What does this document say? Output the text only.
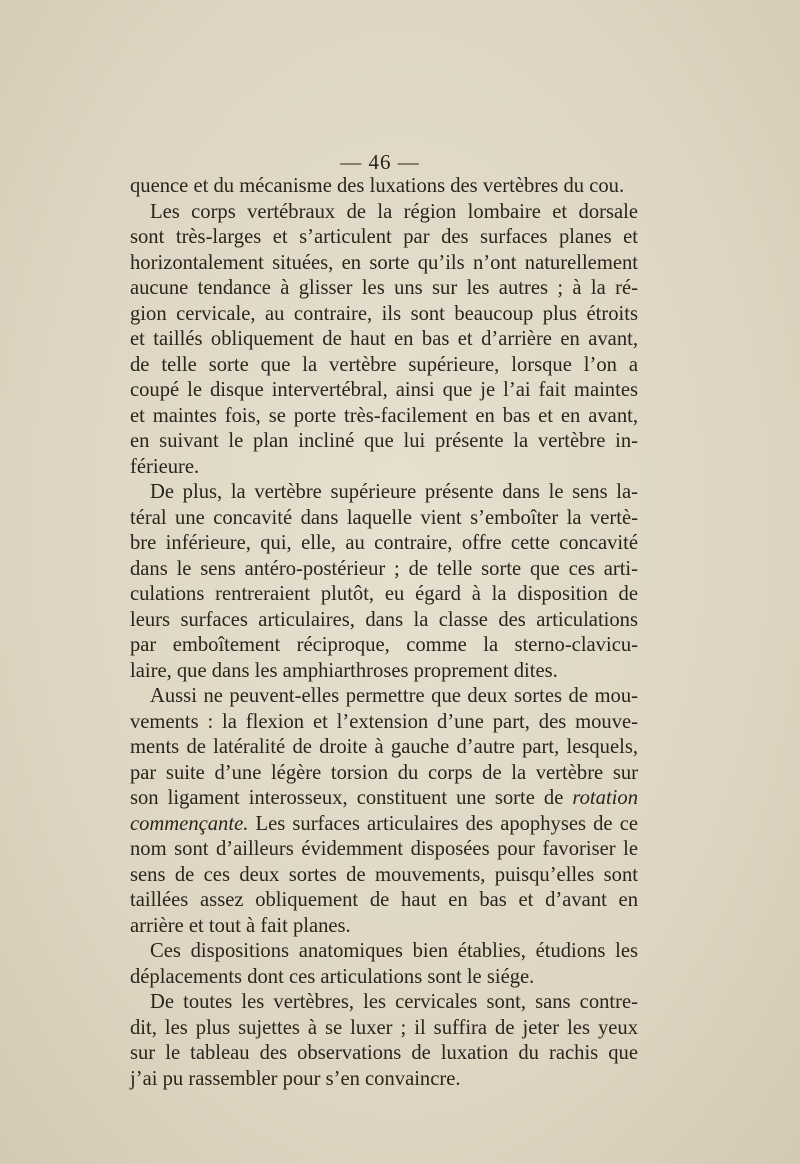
— 46 —
quence et du mécanisme des luxations des vertèbres du cou.
Les corps vertébraux de la région lombaire et dorsale
sont très-larges et s’articulent par des surfaces planes et
horizontalement situées, en sorte qu’ils n’ont naturellement
aucune tendance à glisser les uns sur les autres ; à la ré-
gion cervicale, au contraire, ils sont beaucoup plus étroits
et taillés obliquement de haut en bas et d’arrière en avant,
de telle sorte que la vertèbre supérieure, lorsque l’on a
coupé le disque intervertébral, ainsi que je l’ai fait maintes
et maintes fois, se porte très-facilement en bas et en avant,
en suivant le plan incliné que lui présente la vertèbre in-
férieure.
De plus, la vertèbre supérieure présente dans le sens la-
téral une concavité dans laquelle vient s’emboîter la vertè-
bre inférieure, qui, elle, au contraire, offre cette concavité
dans le sens antéro-postérieur ; de telle sorte que ces arti-
culations rentreraient plutôt, eu égard à la disposition de
leurs surfaces articulaires, dans la classe des articulations
par emboîtement réciproque, comme la sterno-clavicu-
laire, que dans les amphiarthroses proprement dites.
Aussi ne peuvent-elles permettre que deux sortes de mou-
vements : la flexion et l’extension d’une part, des mouve-
ments de latéralité de droite à gauche d’autre part, lesquels,
par suite d’une légère torsion du corps de la vertèbre sur
son ligament interosseux, constituent une sorte de rotation
commençante. Les surfaces articulaires des apophyses de ce
nom sont d’ailleurs évidemment disposées pour favoriser le
sens de ces deux sortes de mouvements, puisqu’elles sont
taillées assez obliquement de haut en bas et d’avant en
arrière et tout à fait planes.
Ces dispositions anatomiques bien établies, étudions les
déplacements dont ces articulations sont le siége.
De toutes les vertèbres, les cervicales sont, sans contre-
dit, les plus sujettes à se luxer ; il suffira de jeter les yeux
sur le tableau des observations de luxation du rachis que
j’ai pu rassembler pour s’en convaincre.
